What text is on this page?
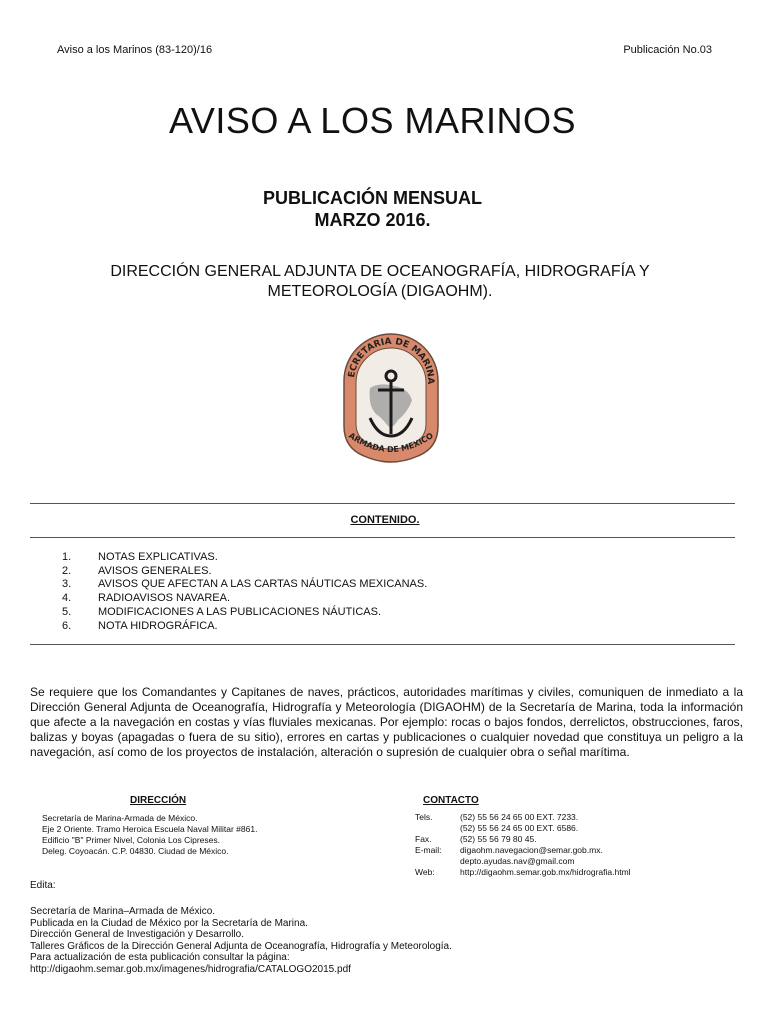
Aviso a los Marinos (83-120)/16	Publicación No.03
AVISO A LOS MARINOS
PUBLICACIÓN MENSUAL
MARZO 2016.
DIRECCIÓN GENERAL ADJUNTA DE OCEANOGRAFÍA, HIDROGRAFÍA Y
METEOROLOGÍA (DIGAOHM).
ECRETARIA DE MARINA
ARMADA DE MEXICO
CONTENIDO.
1.	NOTAS EXPLICATIVAS.
2.	AVISOS GENERALES.
3.	AVISOS QUE AFECTAN A LAS CARTAS NÁUTICAS MEXICANAS.
4.	RADIOAVISOS NAVAREA.
5.	MODIFICACIONES A LAS PUBLICACIONES NÁUTICAS.
6.	NOTA HIDROGRÁFICA.
Se requiere que los Comandantes y Capitanes de naves, prácticos, autoridades marítimas y civiles, comuniquen de inmediato a la Dirección General Adjunta de Oceanografía, Hidrografía y Meteorología (DIGAOHM) de la Secretaría de Marina, toda la información que afecte a la navegación en costas y vías fluviales mexicanas. Por ejemplo: rocas o bajos fondos, derrelictos, obstrucciones, faros, balizas y boyas (apagadas o fuera de su sitio), errores en cartas y publicaciones o cualquier novedad que constituya un peligro a la navegación, así como de los proyectos de instalación, alteración o supresión de cualquier obra o señal marítima.
DIRECCIÓN
Secretaría de Marina-Armada de México.
Eje 2 Oriente. Tramo Heroica Escuela Naval Militar #861.
Edificio "B" Primer Nivel, Colonia Los Cipreses.
Deleg. Coyoacán. C.P. 04830. Ciudad de México.
CONTACTO
Tels.	(52) 55 56 24 65 00 EXT. 7233.
(52) 55 56 24 65 00 EXT. 6586.
Fax.	(52) 55 56 79 80 45.
E-mail:	digaohm.navegacion@semar.gob.mx.
depto.ayudas.nav@gmail.com
Web:	http://digaohm.semar.gob.mx/hidrografia.html
Edita:
Secretaría de Marina–Armada de México.
Publicada en la Ciudad de México por la Secretaría de Marina.
Dirección General de Investigación y Desarrollo.
Talleres Gráficos de la Dirección General Adjunta de Oceanografía, Hidrografía y Meteorología.
Para actualización de esta publicación consultar la página:
http://digaohm.semar.gob.mx/imagenes/hidrografia/CATALOGO2015.pdf
